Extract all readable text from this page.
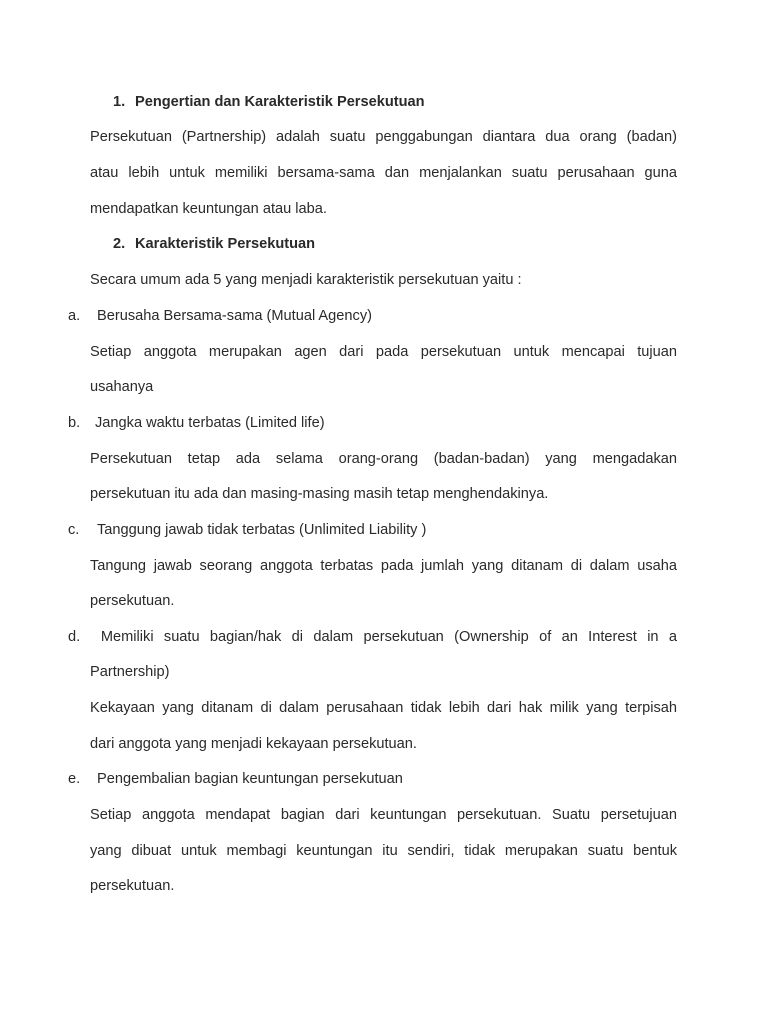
1. Pengertian dan Karakteristik Persekutuan
Persekutuan (Partnership) adalah suatu penggabungan diantara dua orang (badan)
atau lebih untuk memiliki bersama-sama dan menjalankan suatu perusahaan guna
mendapatkan keuntungan atau laba.
2. Karakteristik Persekutuan
Secara umum ada 5 yang menjadi karakteristik persekutuan yaitu :
a. Berusaha Bersama-sama (Mutual Agency)
Setiap anggota merupakan agen dari pada persekutuan untuk mencapai tujuan
usahanya
b. Jangka waktu terbatas (Limited life)
Persekutuan tetap ada selama orang-orang (badan-badan) yang mengadakan
persekutuan itu ada dan masing-masing masih tetap menghendakinya.
c. Tanggung jawab tidak terbatas (Unlimited Liability )
Tangung jawab seorang anggota terbatas pada jumlah yang ditanam di dalam usaha
persekutuan.
d. Memiliki suatu bagian/hak di dalam persekutuan (Ownership of an Interest in a
Partnership)
Kekayaan yang ditanam di dalam perusahaan tidak lebih dari hak milik yang terpisah
dari anggota yang menjadi kekayaan persekutuan.
e. Pengembalian bagian keuntungan persekutuan
Setiap anggota mendapat bagian dari keuntungan persekutuan. Suatu persetujuan
yang dibuat untuk membagi keuntungan itu sendiri, tidak merupakan suatu bentuk
persekutuan.
